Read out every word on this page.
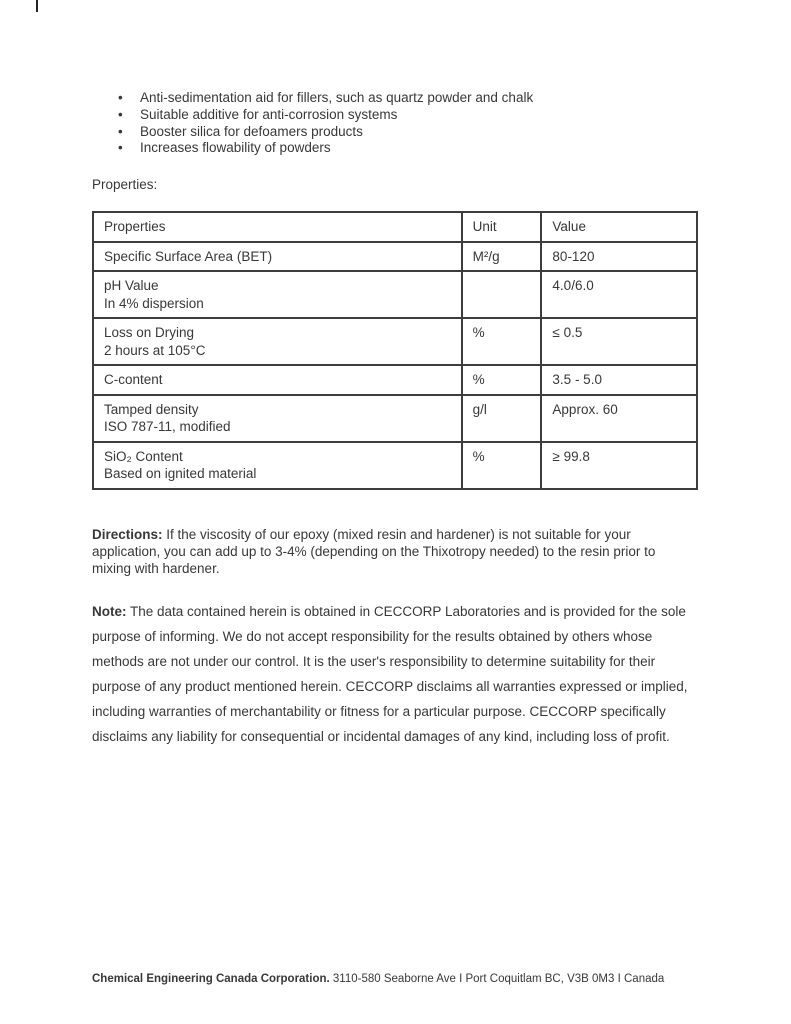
• Anti-sedimentation aid for fillers, such as quartz powder and chalk
• Suitable additive for anti-corrosion systems
• Booster silica for defoamers products
• Increases flowability of powders
Properties:
Properties	Unit	Value

Specific Surface Area (BET)	M²/g	80-120

pH Value
In 4% dispersion		4.0/6.0

Loss on Drying
2 hours at 105°C	%	≤ 0.5

C-content	%	3.5 - 5.0

Tamped density
ISO 787-11, modified	g/l	Approx. 60

SiO₂ Content
Based on ignited material	%	≥ 99.8

Directions: If the viscosity of our epoxy (mixed resin and hardener) is not suitable for your application, you can add up to 3-4% (depending on the Thixotropy needed) to the resin prior to mixing with hardener.

Note: The data contained herein is obtained in CECCORP Laboratories and is provided for the sole purpose of informing. We do not accept responsibility for the results obtained by others whose methods are not under our control. It is the user's responsibility to determine suitability for their purpose of any product mentioned herein. CECCORP disclaims all warranties expressed or implied, including warranties of merchantability or fitness for a particular purpose. CECCORP specifically disclaims any liability for consequential or incidental damages of any kind, including loss of profit.

Chemical Engineering Canada Corporation. 3110-580 Seaborne Ave I Port Coquitlam BC, V3B 0M3 I Canada
